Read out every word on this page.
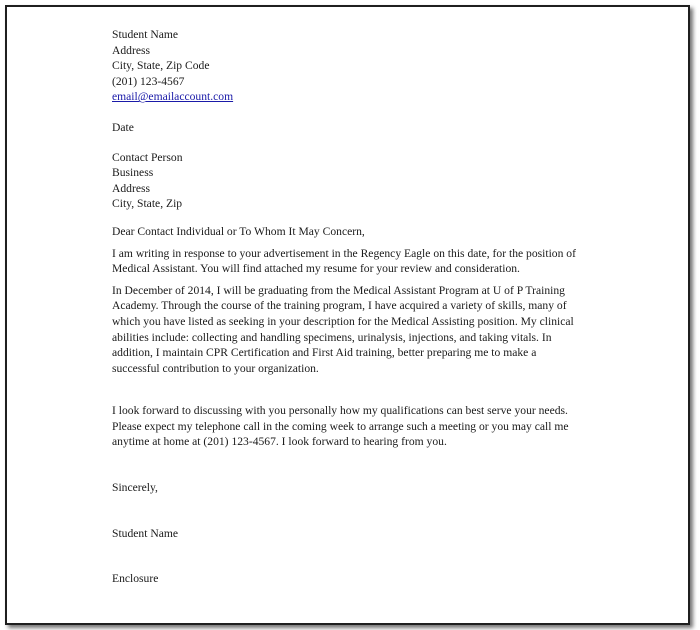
Student Name
Address
City, State, Zip Code
(201) 123-4567
email@emailaccount.com
Date
Contact Person
Business
Address
City, State, Zip
Dear Contact Individual or To Whom It May Concern,
I am writing in response to your advertisement in the Regency Eagle on this date, for the position of
Medical Assistant. You will find attached my resume for your review and consideration.
In December of 2014, I will be graduating from the Medical Assistant Program at U of P Training
Academy. Through the course of the training program, I have acquired a variety of skills, many of
which you have listed as seeking in your description for the Medical Assisting position. My clinical
abilities include: collecting and handling specimens, urinalysis, injections, and taking vitals. In
addition, I maintain CPR Certification and First Aid training, better preparing me to make a
successful contribution to your organization.
I look forward to discussing with you personally how my qualifications can best serve your needs.
Please expect my telephone call in the coming week to arrange such a meeting or you may call me
anytime at home at (201) 123-4567. I look forward to hearing from you.
Sincerely,
Student Name
Enclosure
